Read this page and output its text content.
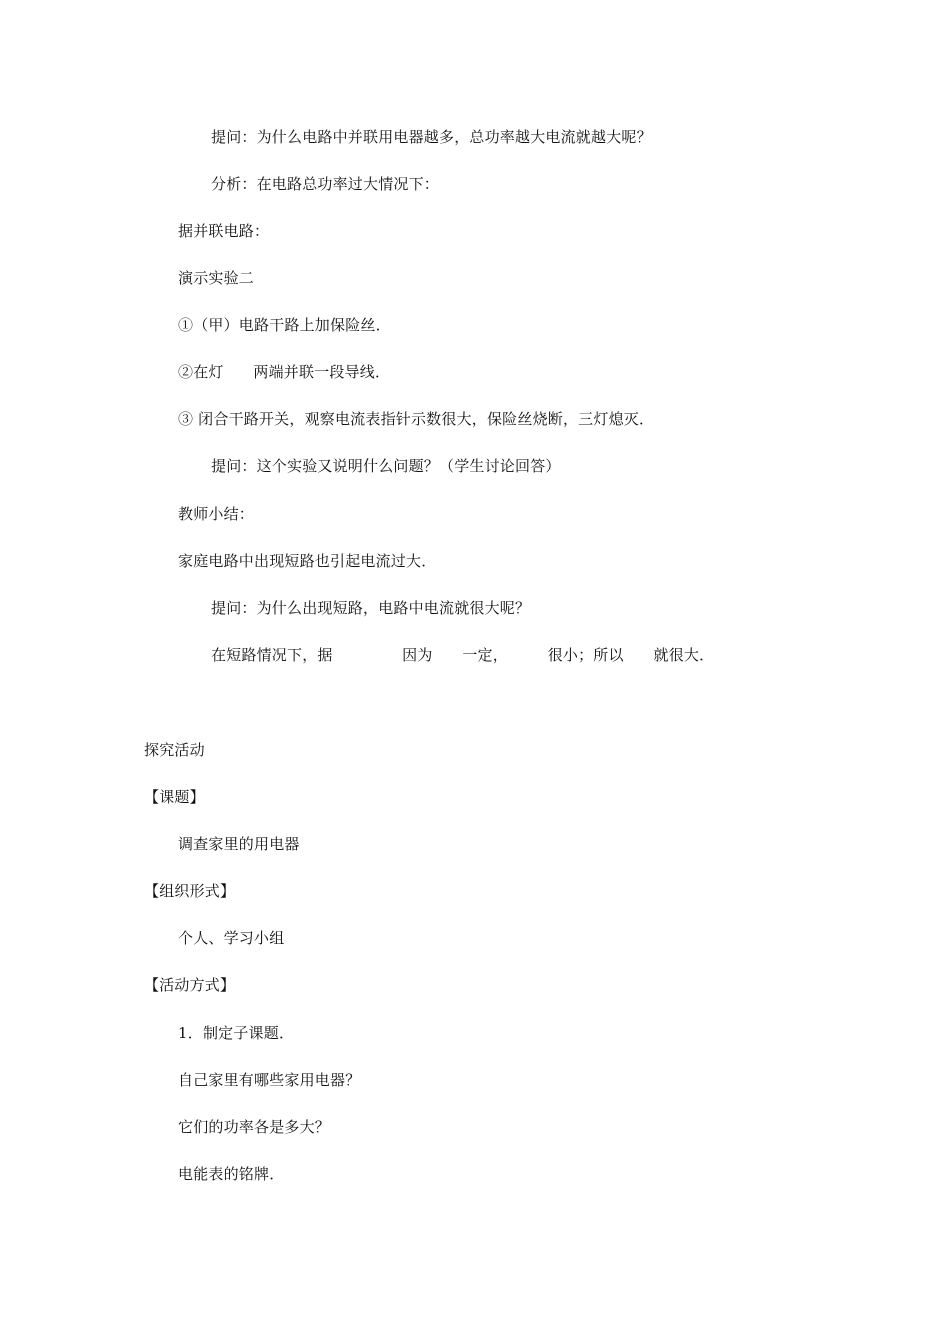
提问：为什么电路中并联用电器越多，总功率越大电流就越大呢？
分析：在电路总功率过大情况下：
据并联电路：
演示实验二
①（甲）电路干路上加保险丝．
②在灯      两端并联一段导线．
③ 闭合干路开关，观察电流表指针示数很大，保险丝烧断，三灯熄灭．
提问：这个实验又说明什么问题？（学生讨论回答）
教师小结：
家庭电路中出现短路也引起电流过大．
提问：为什么出现短路，电路中电流就很大呢？
在短路情况下，据              因为      一定，        很小；所以      就很大．
探究活动
【课题】
调查家里的用电器
【组织形式】
个人、学习小组
【活动方式】
1．制定子课题．
自己家里有哪些家用电器？
它们的功率各是多大？
电能表的铭牌．
